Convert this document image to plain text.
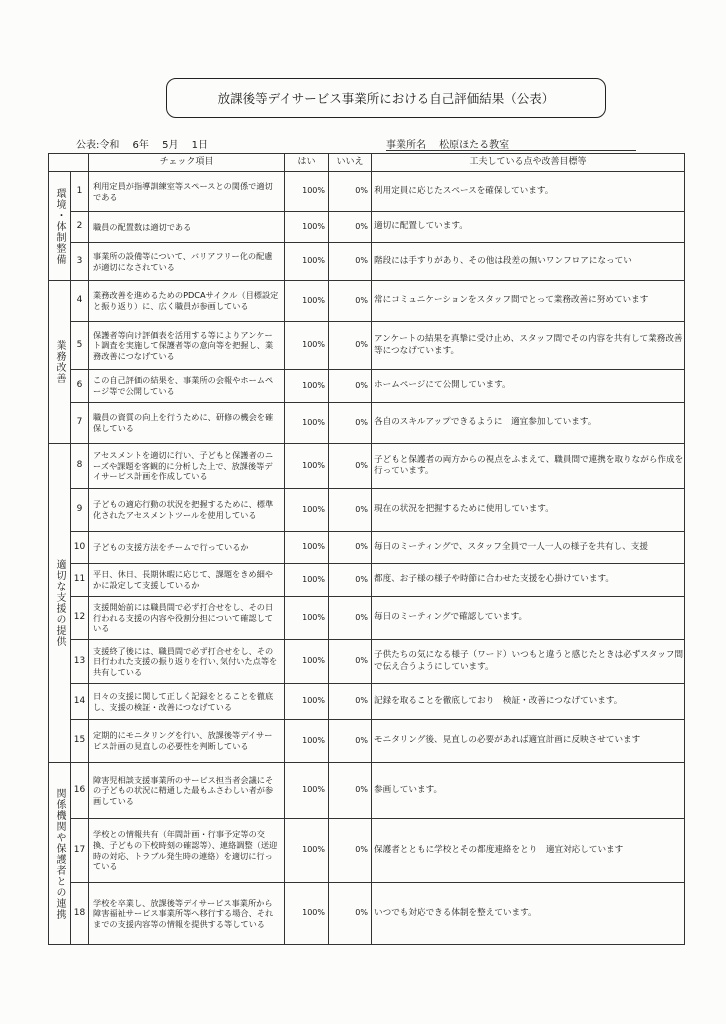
放課後等デイサービス事業所における自己評価結果（公表）
公表:令和　 6年　 5月　 1日	事業所名　 松原ほたる教室
		チェック項目	はい	いいえ	工夫している点や改善目標等
環境・体制整備	1	利用定員が指導訓練室等スペースとの関係で適切である	100%	0%	利用定員に応じたスペースを確保しています。
	2	職員の配置数は適切である	100%	0%	適切に配置しています。
	3	事業所の設備等について、バリアフリー化の配慮が適切になされている	100%	0%	階段には手すりがあり、その他は段差の無いワンフロアになってい
業務改善	4	業務改善を進めるためのPDCAサイクル（目標設定と振り返り）に、広く職員が参画している	100%	0%	常にコミュニケーションをスタッフ間でとって業務改善に努めています
	5	保護者等向け評価表を活用する等によりアンケート調査を実施して保護者等の意向等を把握し、業務改善につなげている	100%	0%	アンケートの結果を真摯に受け止め、スタッフ間でその内容を共有して業務改善等につなげています。
	6	この自己評価の結果を、事業所の会報やホームページ等で公開している	100%	0%	ホームページにて公開しています。
	7	職員の資質の向上を行うために、研修の機会を確保している	100%	0%	各自のスキルアップできるように　適宜参加しています。
適切な支援の提供	8	アセスメントを適切に行い、子どもと保護者のニーズや課題を客観的に分析した上で、放課後等デイサービス計画を作成している	100%	0%	子どもと保護者の両方からの視点をふまえて、職員間で連携を取りながら作成を行っています。
	9	子どもの適応行動の状況を把握するために、標準化されたアセスメントツールを使用している	100%	0%	現在の状況を把握するために使用しています。
	10	子どもの支援方法をチームで行っているか	100%	0%	毎日のミーティングで、スタッフ全員で一人一人の様子を共有し、支援
	11	平日、休日、長期休暇に応じて、課題をきめ細やかに設定して支援しているか	100%	0%	都度、お子様の様子や時節に合わせた支援を心掛けています。
	12	支援開始前には職員間で必ず打合せをし、その日行われる支援の内容や役割分担について確認している	100%	0%	毎日のミーティングで確認しています。
	13	支援終了後には、職員間で必ず打合せをし、その日行われた支援の振り返りを行い､気付いた点等を共有している	100%	0%	子供たちの気になる様子（ワード）いつもと違うと感じたときは必ずスタッフ間で伝え合うようにしています。
	14	日々の支援に関して正しく記録をとることを徹底し、支援の検証・改善につなげている	100%	0%	記録を取ることを徹底しており　検証・改善につなげています。
	15	定期的にモニタリングを行い、放課後等デイサービス計画の見直しの必要性を判断している	100%	0%	モニタリング後、見直しの必要があれば適宜計画に反映させています
関係機関や保護者との連携	16	障害児相談支援事業所のサービス担当者会議にその子どもの状況に精通した最もふさわしい者が参画している	100%	0%	参画しています。
	17	学校との情報共有（年間計画・行事予定等の交換、子どもの下校時刻の確認等）、連絡調整（送迎時の対応、トラブル発生時の連絡）を適切に行っている	100%	0%	保護者とともに学校とその都度連絡をとり　適宜対応しています
	18	学校を卒業し、放課後等デイサービス事業所から障害福祉サービス事業所等へ移行する場合、それまでの支援内容等の情報を提供する等している	100%	0%	いつでも対応できる体制を整えています。
